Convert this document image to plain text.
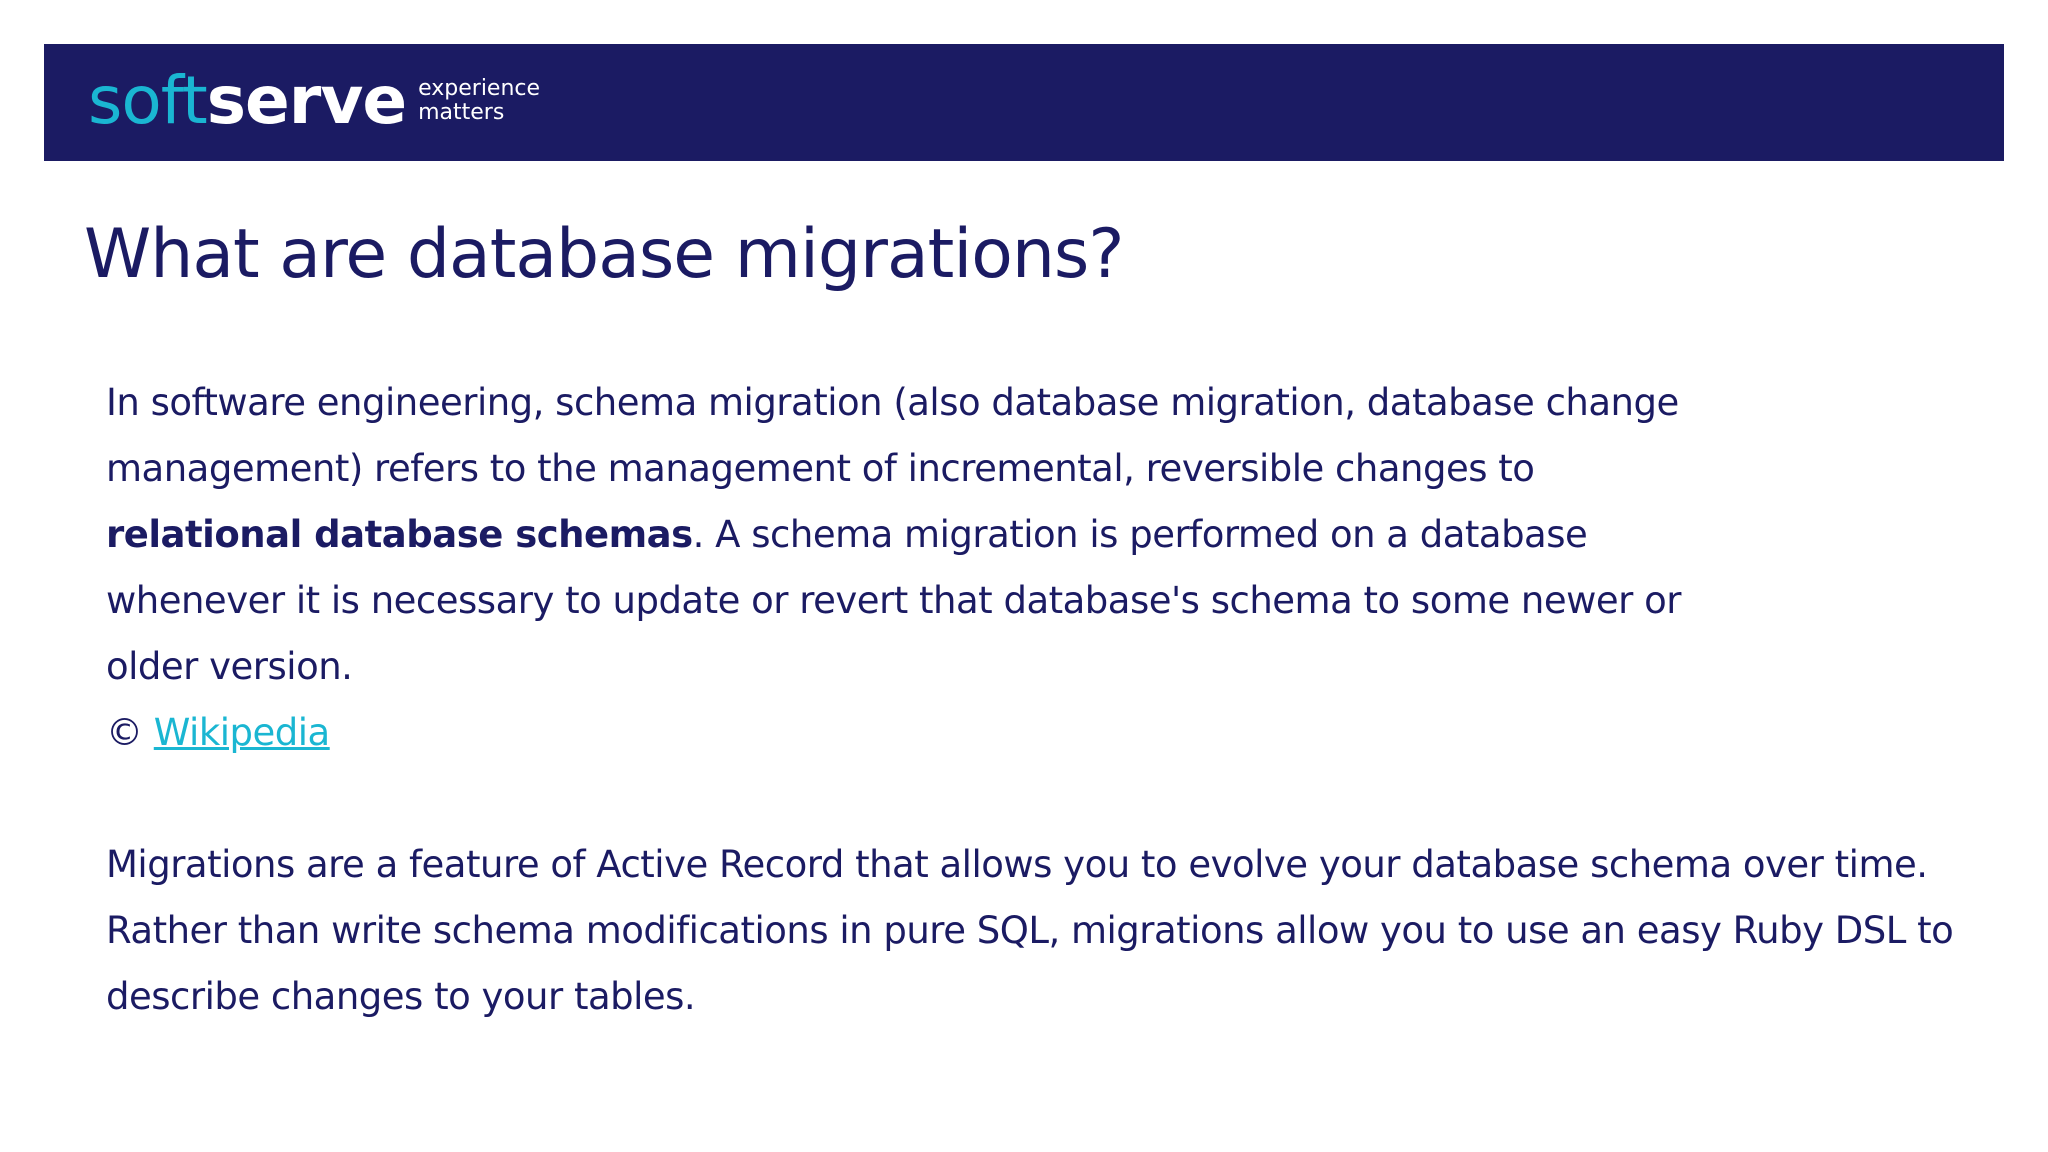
soft serve experience
matters
What are database migrations?
In software engineering, schema migration (also database migration, database change
management) refers to the management of incremental, reversible changes to
relational database schemas. A schema migration is performed on a database
whenever it is necessary to update or revert that database's schema to some newer or
older version.
© Wikipedia
Migrations are a feature of Active Record that allows you to evolve your database schema over time.
Rather than write schema modifications in pure SQL, migrations allow you to use an easy Ruby DSL to
describe changes to your tables.
